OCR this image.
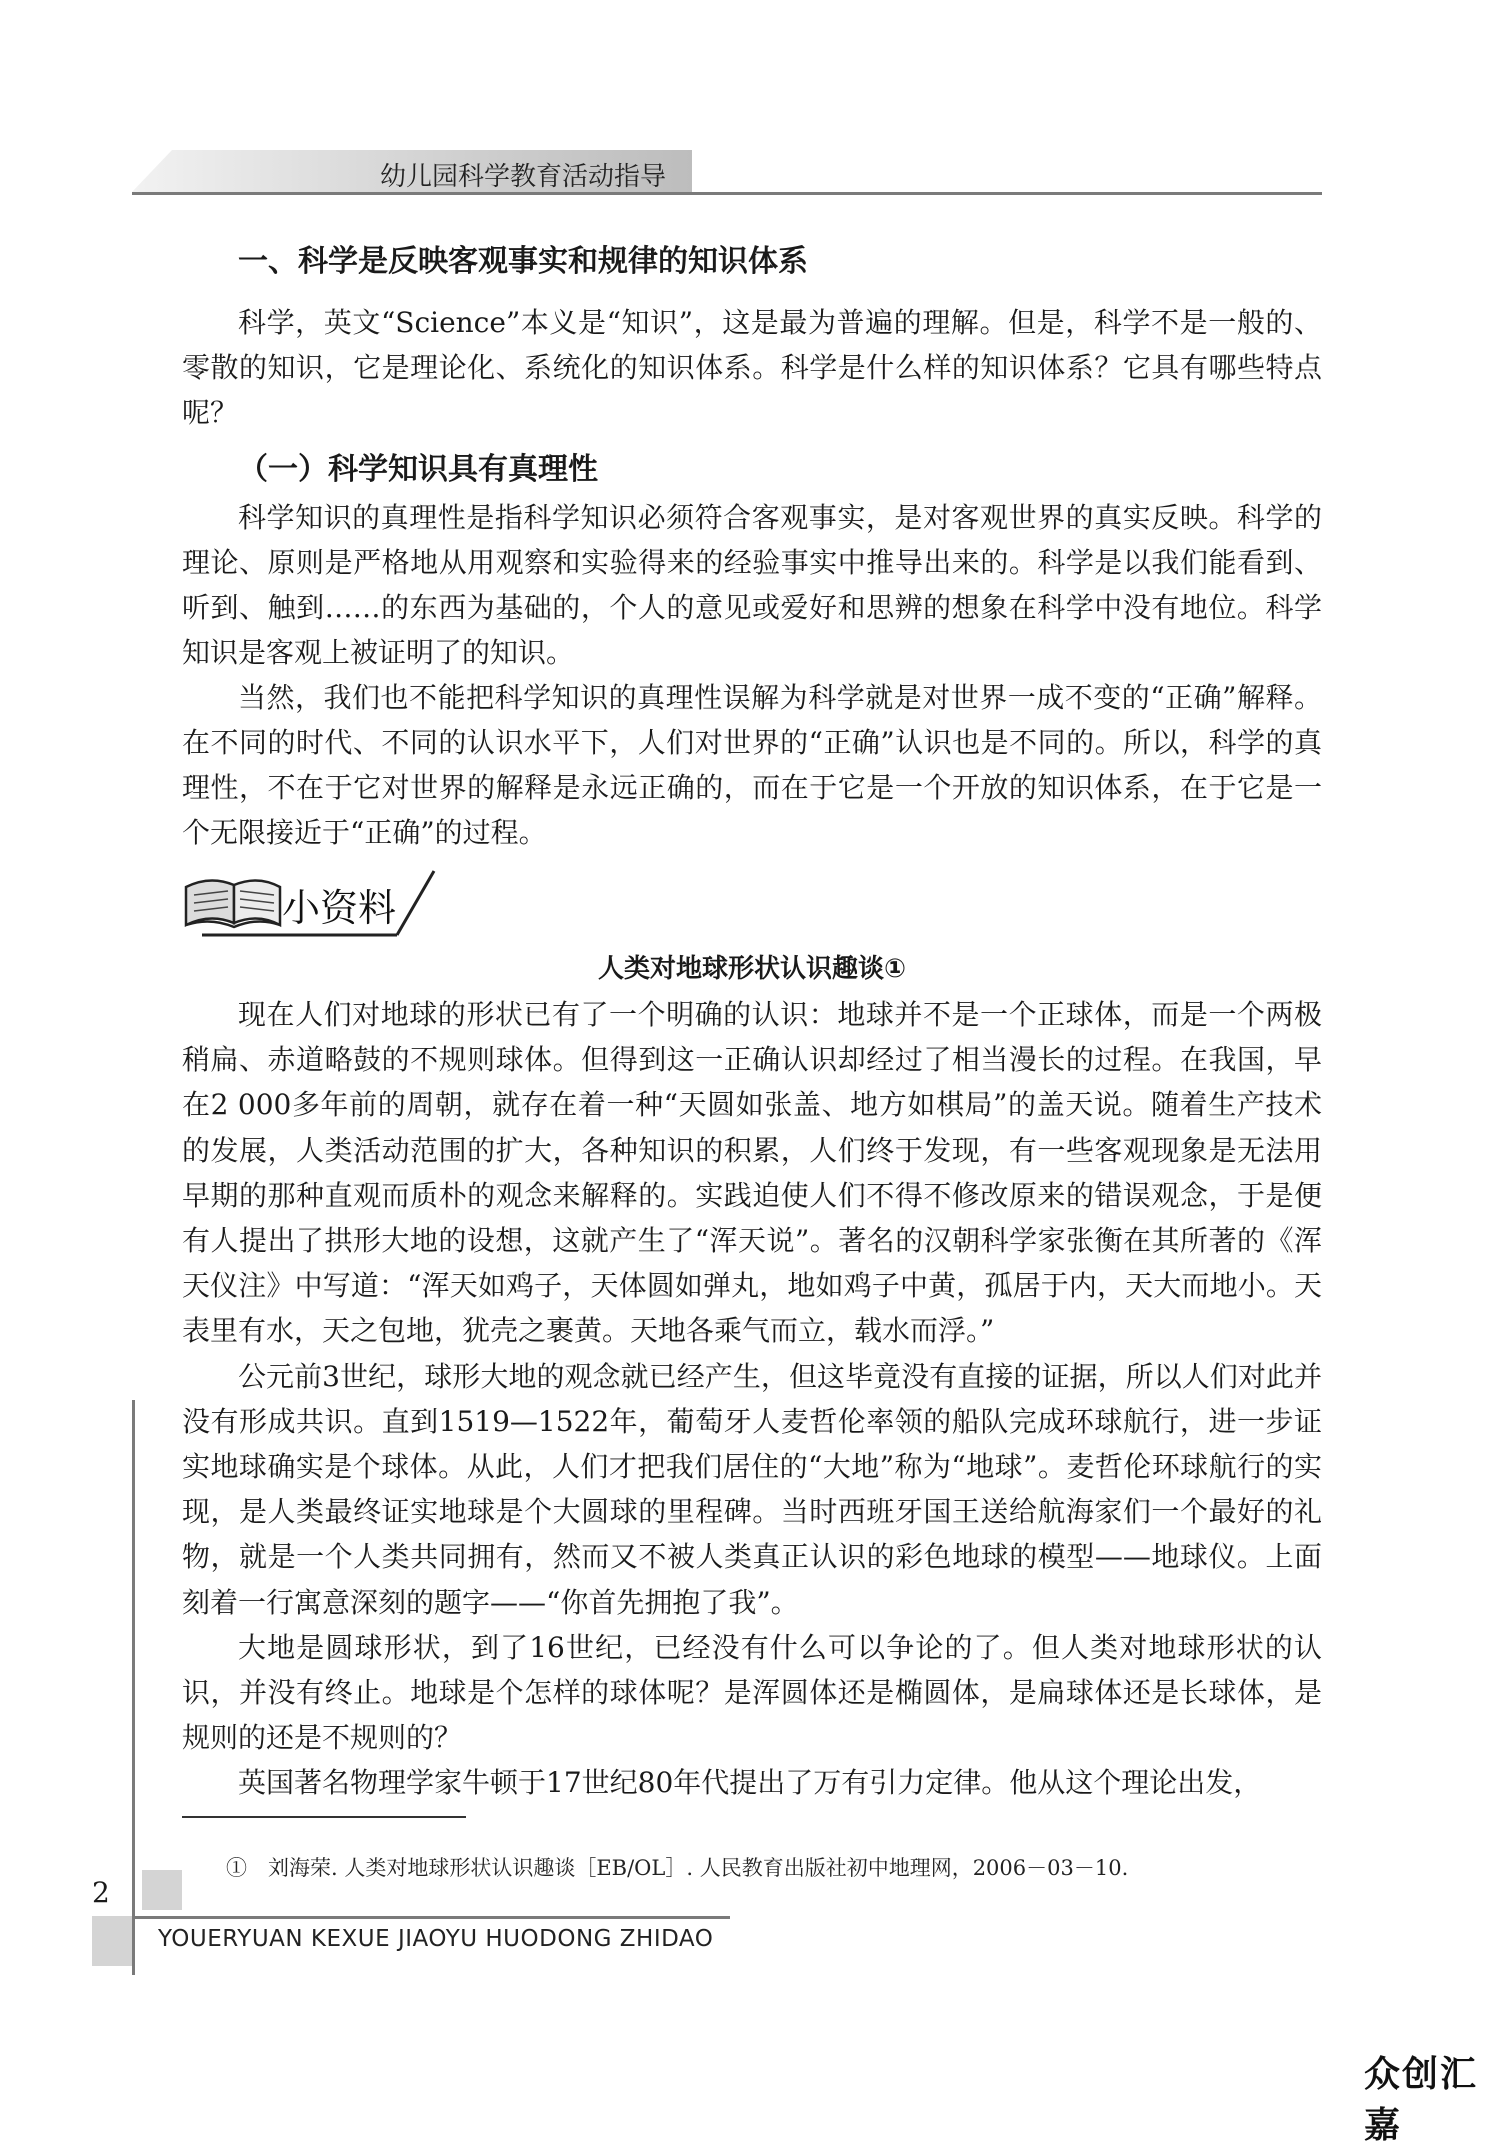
幼儿园科学教育活动指导
一、科学是反映客观事实和规律的知识体系

科学，英文“Science”本义是“知识”，这是最为普遍的理解。但是，科学不是一般的、零散的知识，它是理论化、系统化的知识体系。科学是什么样的知识体系？它具有哪些特点呢？

（一）科学知识具有真理性

科学知识的真理性是指科学知识必须符合客观事实，是对客观世界的真实反映。科学的理论、原则是严格地从用观察和实验得来的经验事实中推导出来的。科学是以我们能看到、听到、触到……的东西为基础的，个人的意见或爱好和思辨的想象在科学中没有地位。科学知识是客观上被证明了的知识。

当然，我们也不能把科学知识的真理性误解为科学就是对世界一成不变的“正确”解释。在不同的时代、不同的认识水平下，人们对世界的“正确”认识也是不同的。所以，科学的真理性，不在于它对世界的解释是永远正确的，而在于它是一个开放的知识体系，在于它是一个无限接近于“正确”的过程。

小资料
人类对地球形状认识趣谈①

现在人们对地球的形状已有了一个明确的认识：地球并不是一个正球体，而是一个两极稍扁、赤道略鼓的不规则球体。但得到这一正确认识却经过了相当漫长的过程。在我国，早在2 000多年前的周朝，就存在着一种“天圆如张盖、地方如棋局”的盖天说。随着生产技术的发展，人类活动范围的扩大，各种知识的积累，人们终于发现，有一些客观现象是无法用早期的那种直观而质朴的观念来解释的。实践迫使人们不得不修改原来的错误观念，于是便有人提出了拱形大地的设想，这就产生了“浑天说”。著名的汉朝科学家张衡在其所著的《浑天仪注》中写道：“浑天如鸡子，天体圆如弹丸，地如鸡子中黄，孤居于内，天大而地小。天表里有水，天之包地，犹壳之裹黄。天地各乘气而立，载水而浮。”

公元前3世纪，球形大地的观念就已经产生，但这毕竟没有直接的证据，所以人们对此并没有形成共识。直到1519—1522年，葡萄牙人麦哲伦率领的船队完成环球航行，进一步证实地球确实是个球体。从此，人们才把我们居住的“大地”称为“地球”。麦哲伦环球航行的实现，是人类最终证实地球是个大圆球的里程碑。当时西班牙国王送给航海家们一个最好的礼物，就是一个人类共同拥有，然而又不被人类真正认识的彩色地球的模型——地球仪。上面刻着一行寓意深刻的题字——“你首先拥抱了我”。

大地是圆球形状，到了16世纪，已经没有什么可以争论的了。但人类对地球形状的认识，并没有终止。地球是个怎样的球体呢？是浑圆体还是椭圆体，是扁球体还是长球体，是规则的还是不规则的？

英国著名物理学家牛顿于17世纪80年代提出了万有引力定律。他从这个理论出发，

①　刘海荣. 人类对地球形状认识趣谈［EB/OL］. 人民教育出版社初中地理网，2006－03－10.
2
YOUERYUAN KEXUE JIAOYU HUODONG ZHIDAO
众创汇嘉
